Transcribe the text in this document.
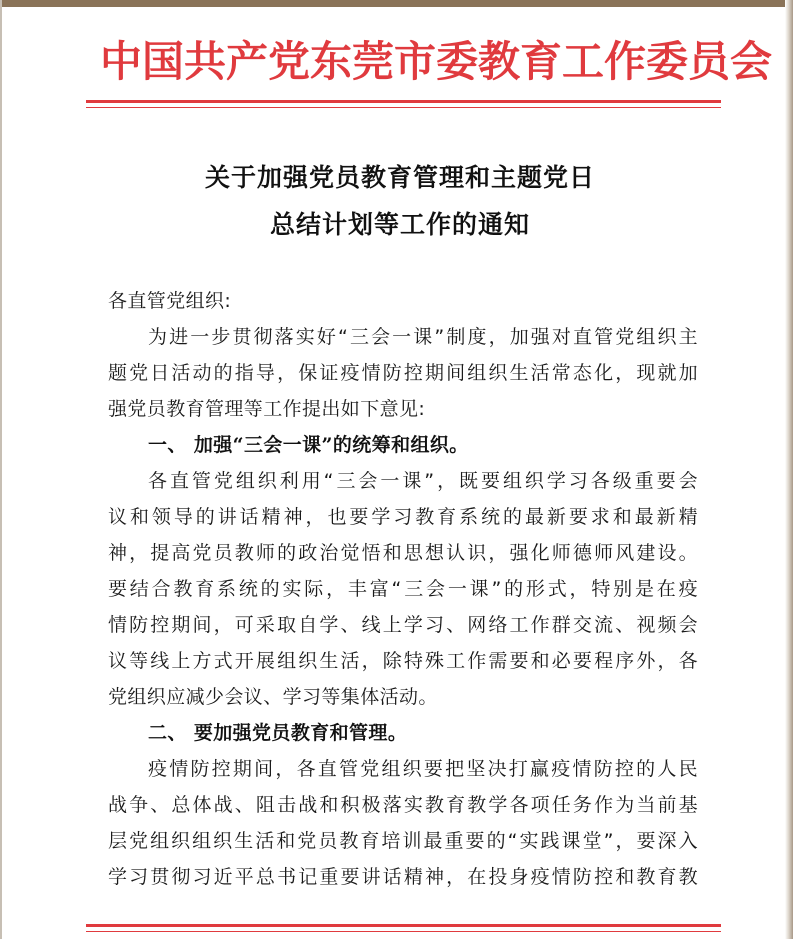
中国共产党东莞市委教育工作委员会
关于加强党员教育管理和主题党日
总结计划等工作的通知
各直管党组织:
为进一步贯彻落实好“三会一课”制度，加强对直管党组织主
题党日活动的指导，保证疫情防控期间组织生活常态化，现就加
强党员教育管理等工作提出如下意见:
一、 加强“三会一课”的统筹和组织。
各直管党组织利用“三会一课”，既要组织学习各级重要会
议和领导的讲话精神，也要学习教育系统的最新要求和最新精
神，提高党员教师的政治觉悟和思想认识，强化师德师风建设。
要结合教育系统的实际，丰富“三会一课”的形式，特别是在疫
情防控期间，可采取自学、线上学习、网络工作群交流、视频会
议等线上方式开展组织生活，除特殊工作需要和必要程序外，各
党组织应减少会议、学习等集体活动。
二、 要加强党员教育和管理。
疫情防控期间，各直管党组织要把坚决打赢疫情防控的人民
战争、总体战、阻击战和积极落实教育教学各项任务作为当前基
层党组织组织生活和党员教育培训最重要的“实践课堂”，要深入
学习贯彻习近平总书记重要讲话精神，在投身疫情防控和教育教
